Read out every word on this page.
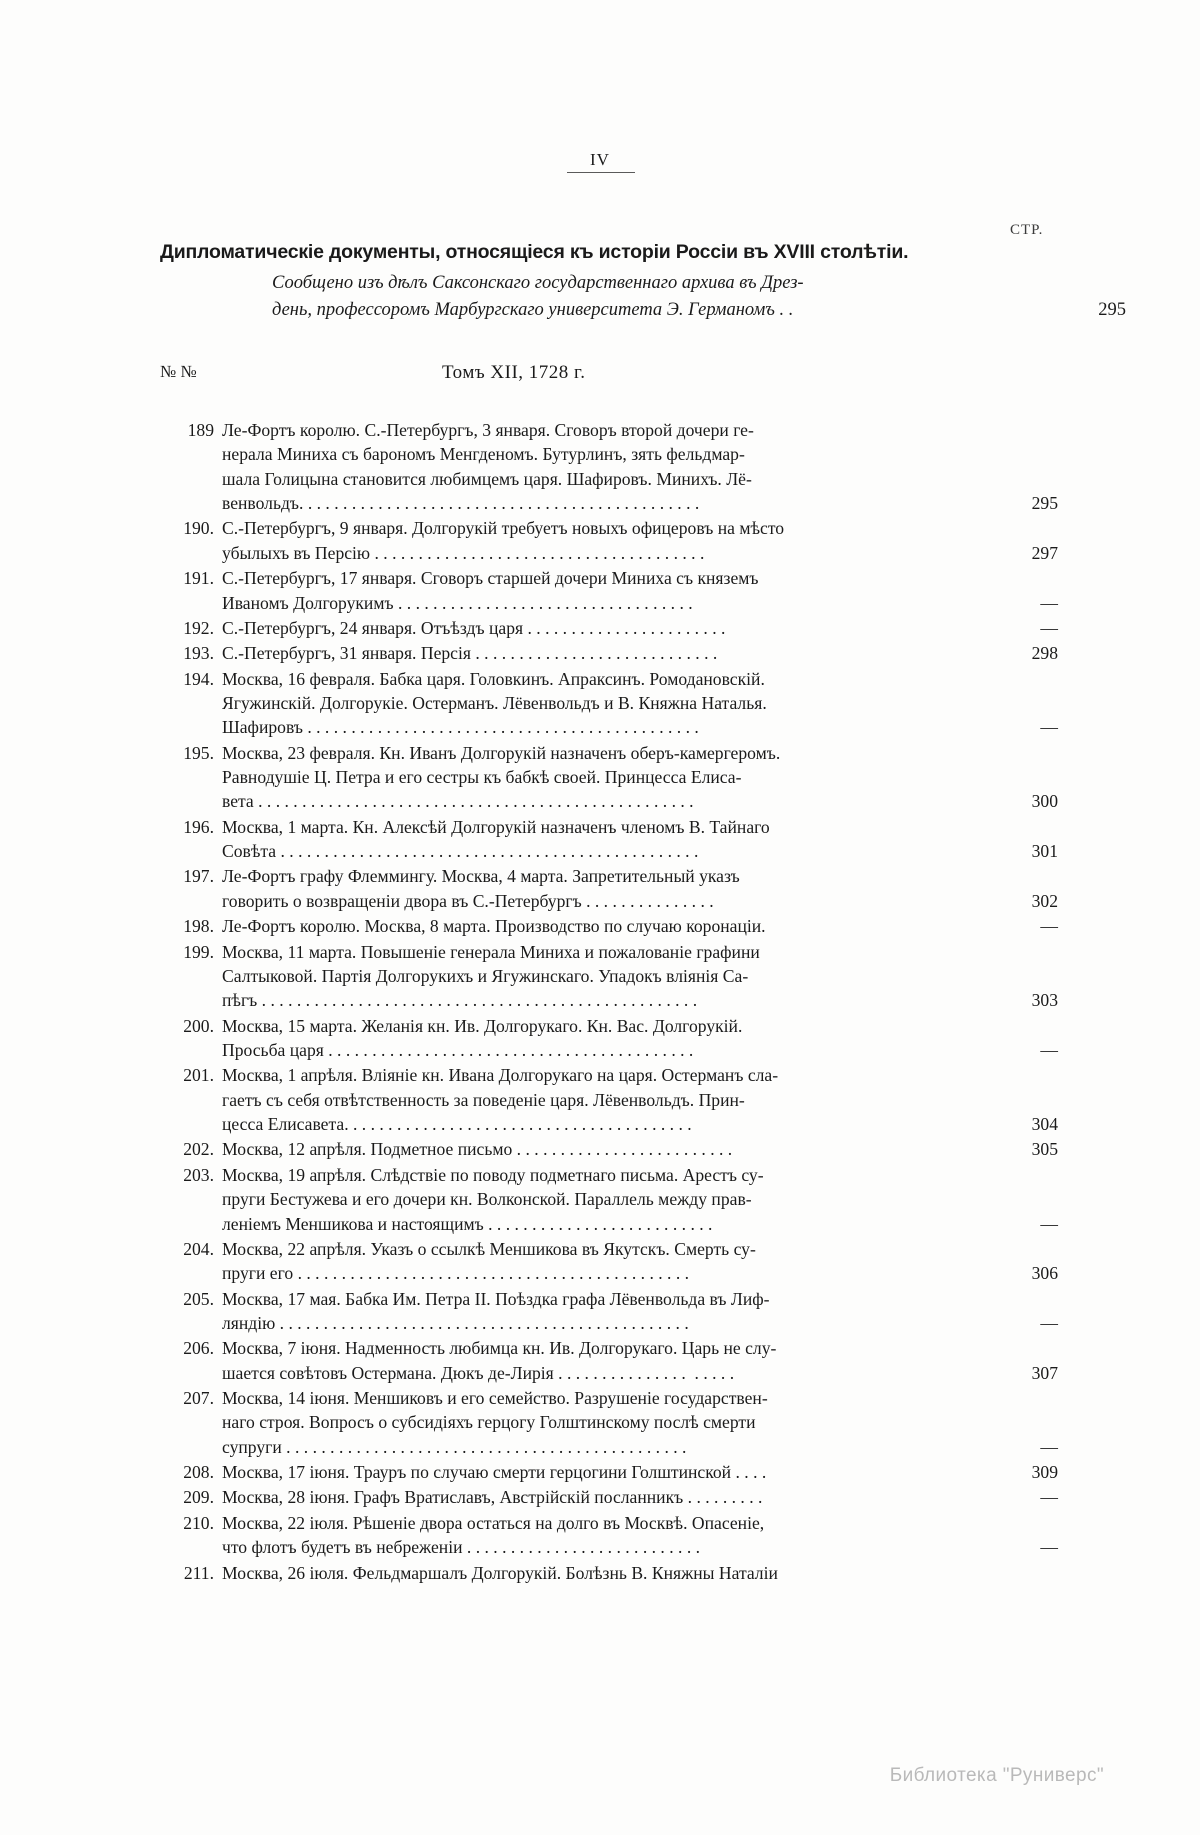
IV
СТР.
Дипломатическіе документы, относящіеся къ исторіи Россіи въ XVIII столѣтіи.
Сообщено изъ дѣлъ Саксонскаго государственнаго архива въ Дрез-
день, профессоромъ Марбургскаго университета Э. Германомъ . .	295
№ №	Томъ XII, 1728 г.
189 Ле-Фортъ королю. С.-Петербургъ, 3 января. Сговоръ второй дочери ге-
нерала Миниха съ барономъ Менгденомъ. Бутурлинъ, зять фельдмар-
шала Голицына становится любимцемъ царя. Шафировъ. Минихъ. Лё-
венвольдъ. . . . . . . . . . . . . . . . . . . . . . . . . . . . . . . . . . . . . . . . . . . . . .	295
190. С.-Петербургъ, 9 января. Долгорукій требуетъ новыхъ офицеровъ на мѣсто
убылыхъ въ Персію . . . . . . . . . . . . . . . . . . . . . . . . . . . . . . . . . . . . . .	297
191. С.-Петербургъ, 17 января. Сговоръ старшей дочери Миниха съ княземъ
Иваномъ Долгорукимъ . . . . . . . . . . . . . . . . . . . . . . . . . . . . . . . . . .	—
192. С.-Петербургъ, 24 января. Отъѣздъ царя . . . . . . . . . . . . . . . . . . . . . . .	—
193. С.-Петербургъ, 31 января. Персія . . . . . . . . . . . . . . . . . . . . . . . . . . . .	298
194. Москва, 16 февраля. Бабка царя. Головкинъ. Апраксинъ. Ромодановскій.
Ягужинскій. Долгорукіе. Остерманъ. Лёвенвольдъ и В. Княжна Наталья.
Шафировъ . . . . . . . . . . . . . . . . . . . . . . . . . . . . . . . . . . . . . . . . . . . . .	—
195. Москва, 23 февраля. Кн. Иванъ Долгорукій назначенъ оберъ-камергеромъ.
Равнодушіе Ц. Петра и его сестры къ бабкѣ своей. Принцесса Елиса-
вета . . . . . . . . . . . . . . . . . . . . . . . . . . . . . . . . . . . . . . . . . . . . . . . . . .	300
196. Москва, 1 марта. Кн. Алексѣй Долгорукій назначенъ членомъ В. Тайнаго
Совѣта . . . . . . . . . . . . . . . . . . . . . . . . . . . . . . . . . . . . . . . . . . . . . . . .	301
197. Ле-Фортъ графу Флеммингу. Москва, 4 марта. Запретительный указъ
говорить о возвращеніи двора въ С.-Петербургъ . . . . . . . . . . . . . . .	302
198. Ле-Фортъ королю. Москва, 8 марта. Производство по случаю коронаціи.	—
199. Москва, 11 марта. Повышеніе генерала Миниха и пожалованіе графини
Салтыковой. Партія Долгорукихъ и Ягужинскаго. Упадокъ вліянія Са-
пѣгъ . . . . . . . . . . . . . . . . . . . . . . . . . . . . . . . . . . . . . . . . . . . . . . . . . .	303
200. Москва, 15 марта. Желанія кн. Ив. Долгорукаго. Кн. Вас. Долгорукій.
Просьба царя . . . . . . . . . . . . . . . . . . . . . . . . . . . . . . . . . . . . . . . . . .	—
201. Москва, 1 апрѣля. Вліяніе кн. Ивана Долгорукаго на царя. Остерманъ сла-
гаетъ съ себя отвѣтственность за поведеніе царя. Лёвенвольдъ. Прин-
цесса Елисавета. . . . . . . . . . . . . . . . . . . . . . . . . . . . . . . . . . . . . . . .	304
202. Москва, 12 апрѣля. Подметное письмо . . . . . . . . . . . . . . . . . . . . . . . . .	305
203. Москва, 19 апрѣля. Слѣдствіе по поводу подметнаго письма. Арестъ су-
пруги Бестужева и его дочери кн. Волконской. Параллель между прав-
леніемъ Меншикова и настоящимъ . . . . . . . . . . . . . . . . . . . . . . . . . .	—
204. Москва, 22 апрѣля. Указъ о ссылкѣ Меншикова въ Якутскъ. Смерть су-
пруги его . . . . . . . . . . . . . . . . . . . . . . . . . . . . . . . . . . . . . . . . . . . . .	306
205. Москва, 17 мая. Бабка Им. Петра II. Поѣздка графа Лёвенвольда въ Лиф-
ляндію . . . . . . . . . . . . . . . . . . . . . . . . . . . . . . . . . . . . . . . . . . . . . . .	—
206. Москва, 7 іюня. Надменность любимца кн. Ив. Долгорукаго. Царь не слу-
шается совѣтовъ Остермана. Дюкъ де-Лирія . . . . . . . . . . . . . . .  . . . . .	307
207. Москва, 14 іюня. Меншиковъ и его семейство. Разрушеніе государствен-
наго строя. Вопросъ о субсидіяхъ герцогу Голштинскому послѣ смерти
супруги . . . . . . . . . . . . . . . . . . . . . . . . . . . . . . . . . . . . . . . . . . . . . .	—
208. Москва, 17 іюня. Трауръ по случаю смерти герцогини Голштинской . . . .	309
209. Москва, 28 іюня. Графъ Вратиславъ, Австрійскій посланникъ . . . . . . . . .	—
210. Москва, 22 іюля. Рѣшеніе двора остаться на долго въ Москвѣ. Опасеніе,
что флотъ будетъ въ небреженіи . . . . . . . . . . . . . . . . . . . . . . . . . . .	—
211. Москва, 26 іюля. Фельдмаршалъ Долгорукій. Болѣзнь В. Княжны Наталіи
Библиотека "Руниверс"
